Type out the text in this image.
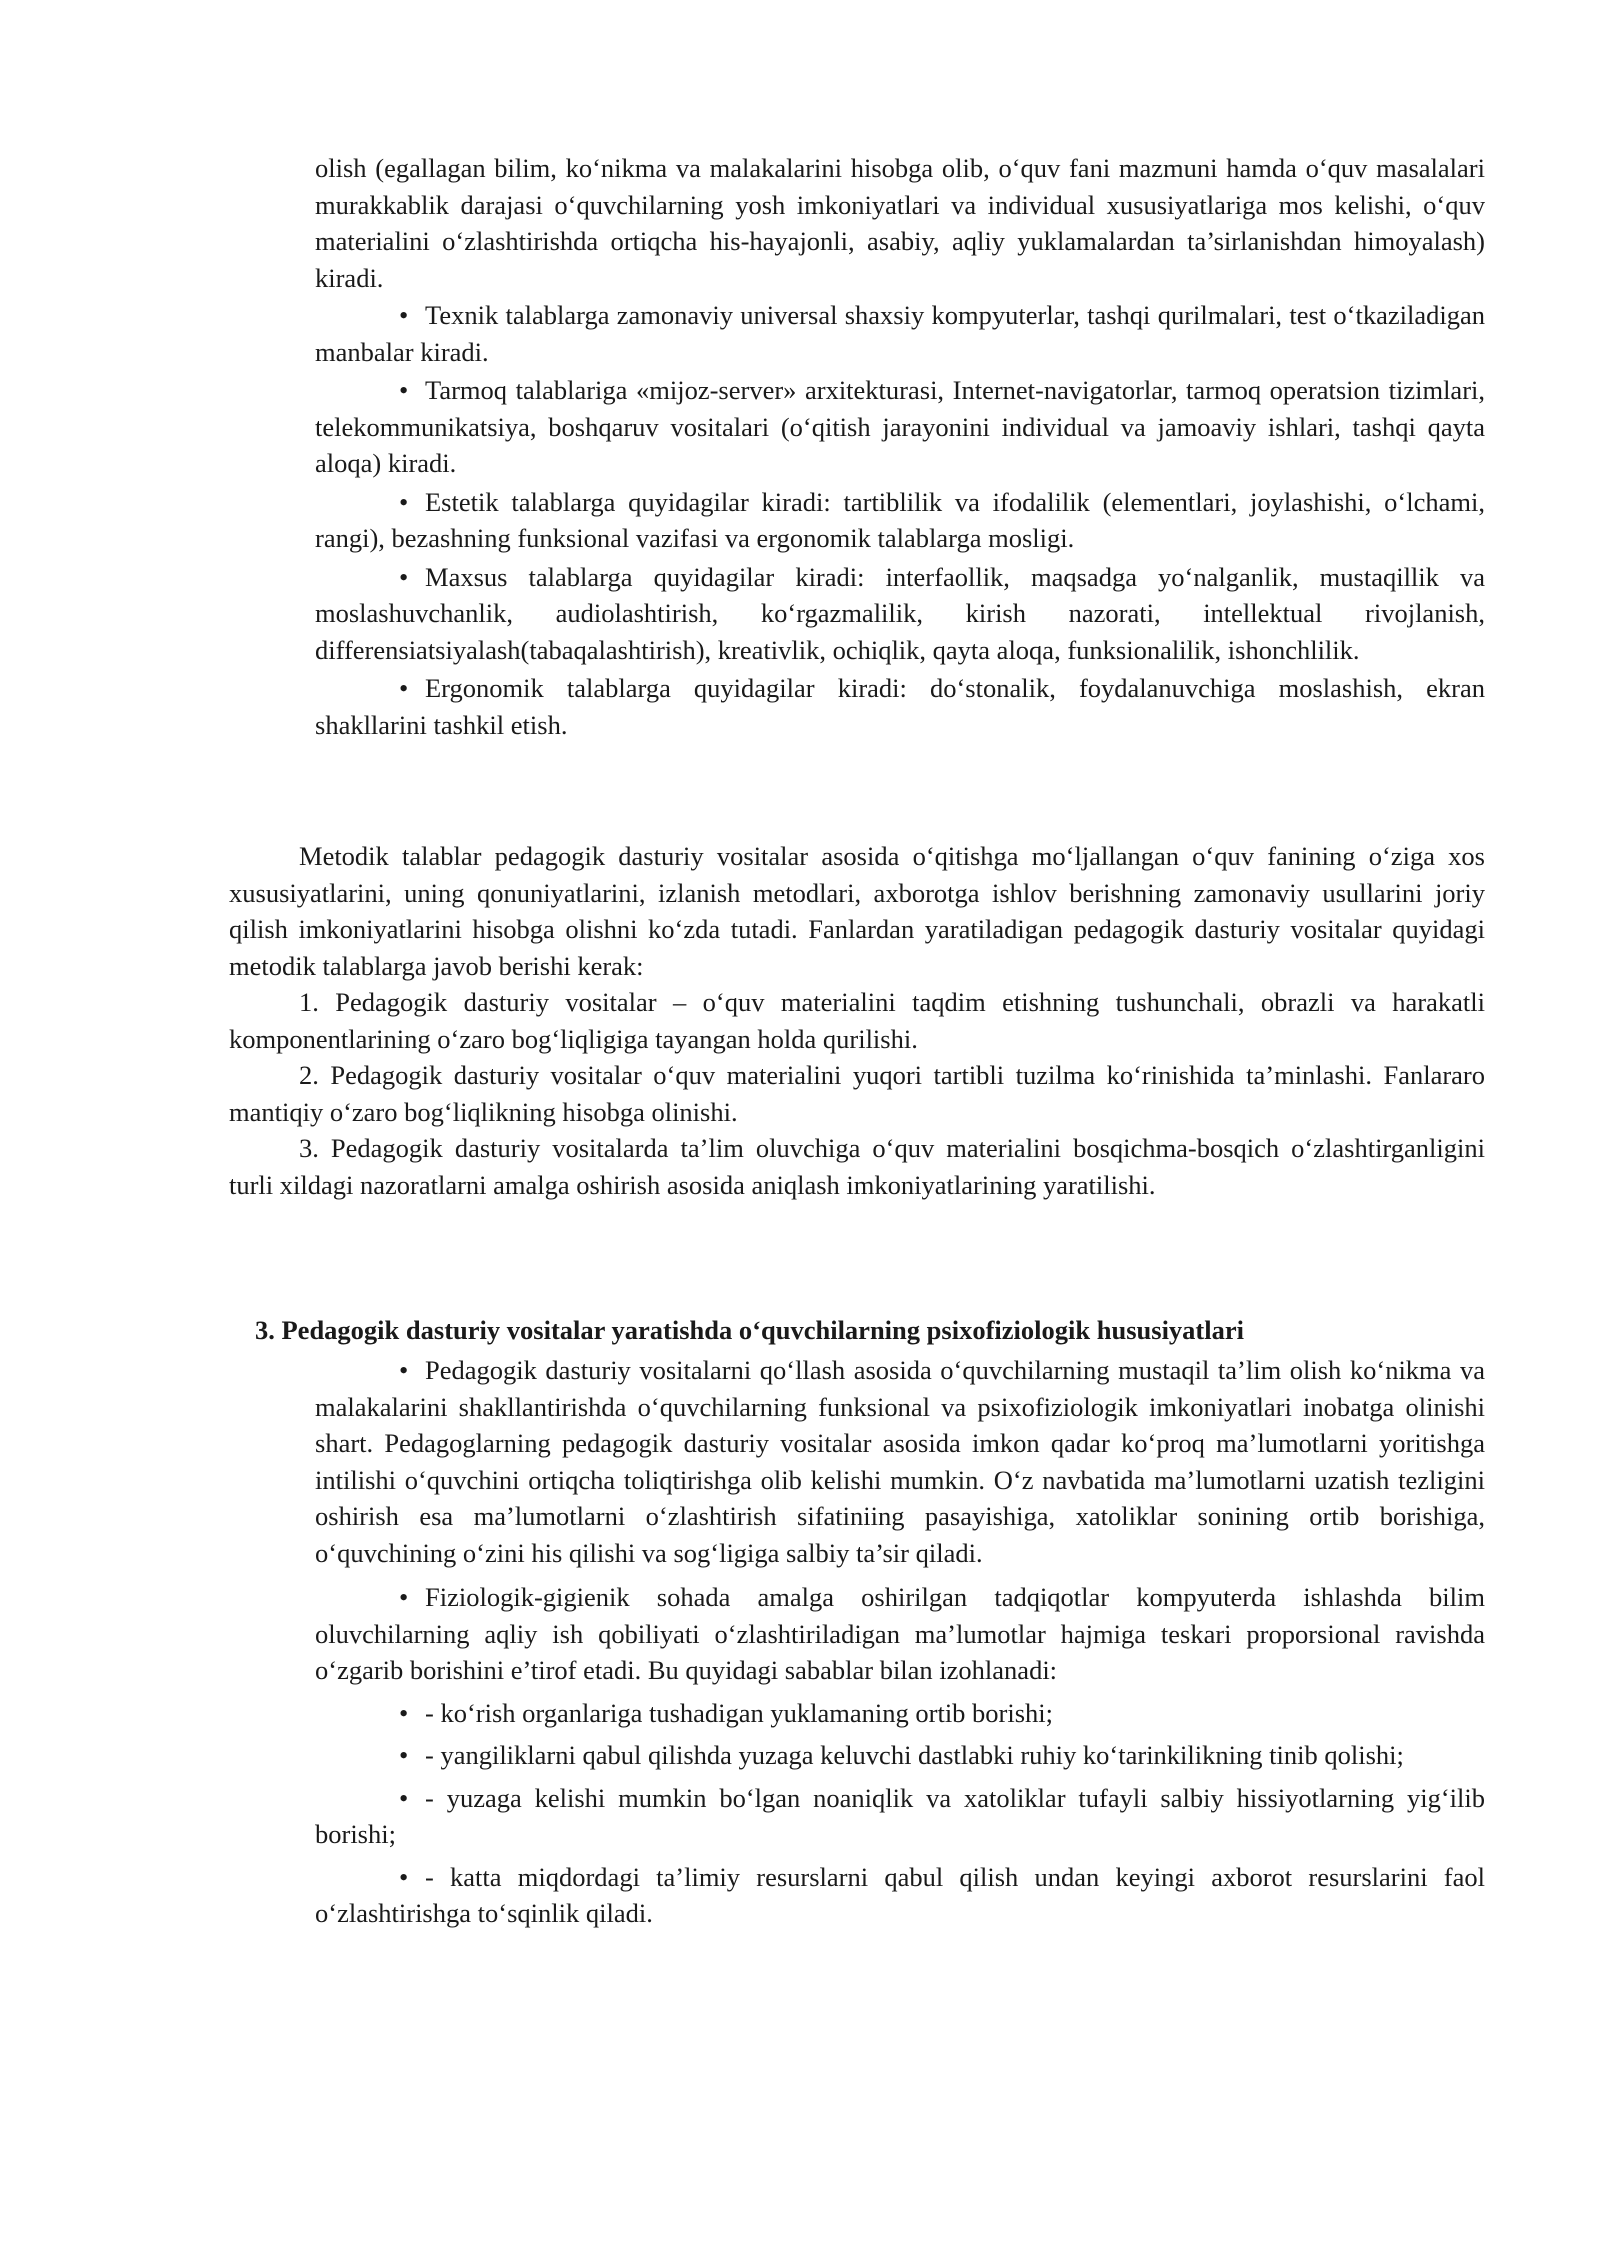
olish (egallagan bilim, ko‘nikma va malakalarini hisobga olib, o‘quv fani mazmuni hamda o‘quv masalalari murakkablik darajasi o‘quvchilarning yosh imkoniyatlari va individual xususiyatlariga mos kelishi, o‘quv materialini o‘zlashtirishda ortiqcha his-hayajonli, asabiy, aqliy yuklamalardan ta’sirlanishdan himoyalash) kiradi.

• Texnik talablarga zamonaviy universal shaxsiy kompyuterlar, tashqi qurilmalari, test o‘tkaziladigan manbalar kiradi.

• Tarmoq talablariga «mijoz-server» arxitekturasi, Internet-navigatorlar, tarmoq operatsion tizimlari, telekommunikatsiya, boshqaruv vositalari (o‘qitish jarayonini individual va jamoaviy ishlari, tashqi qayta aloqa) kiradi.

• Estetik talablarga quyidagilar kiradi: tartiblilik va ifodalilik (elementlari, joylashishi, o‘lchami, rangi), bezashning funksional vazifasi va ergonomik talablarga mosligi.

• Maxsus talablarga quyidagilar kiradi: interfaollik, maqsadga yo‘nalganlik, mustaqillik va moslashuvchanlik, audiolashtirish, ko‘rgazmalilik, kirish nazorati, intellektual rivojlanish, differensiatsiyalash(tabaqalashtirish), kreativlik, ochiqlik, qayta aloqa, funksionalilik, ishonchlilik.

• Ergonomik talablarga quyidagilar kiradi: do‘stonalik, foydalanuvchiga moslashish, ekran shakllarini tashkil etish.

Metodik talablar pedagogik dasturiy vositalar asosida o‘qitishga mo‘ljallangan o‘quv fanining o‘ziga xos xususiyatlarini, uning qonuniyatlarini, izlanish metodlari, axborotga ishlov berishning zamonaviy usullarini joriy qilish imkoniyatlarini hisobga olishni ko‘zda tutadi. Fanlardan yaratiladigan pedagogik dasturiy vositalar quyidagi metodik talablarga javob berishi kerak:

1. Pedagogik dasturiy vositalar – o‘quv materialini taqdim etishning tushunchali, obrazli va harakatli komponentlarining o‘zaro bog‘liqligiga tayangan holda qurilishi.

2. Pedagogik dasturiy vositalar o‘quv materialini yuqori tartibli tuzilma ko‘rinishida ta’minlashi. Fanlararo mantiqiy o‘zaro bog‘liqlikning hisobga olinishi.

3. Pedagogik dasturiy vositalarda ta’lim oluvchiga o‘quv materialini bosqichma-bosqich o‘zlashtirganligini turli xildagi nazoratlarni amalga oshirish asosida aniqlash imkoniyatlarining yaratilishi.

3. Pedagogik dasturiy vositalar yaratishda o‘quvchilarning psixofiziologik hususiyatlari

• Pedagogik dasturiy vositalarni qo‘llash asosida o‘quvchilarning mustaqil ta’lim olish ko‘nikma va malakalarini shakllantirishda o‘quvchilarning funksional va psixofiziologik imkoniyatlari inobatga olinishi shart. Pedagoglarning pedagogik dasturiy vositalar asosida imkon qadar ko‘proq ma’lumotlarni yoritishga intilishi o‘quvchini ortiqcha toliqtirishga olib kelishi mumkin. O‘z navbatida ma’lumotlarni uzatish tezligini oshirish esa ma’lumotlarni o‘zlashtirish sifatiniing pasayishiga, xatoliklar sonining ortib borishiga, o‘quvchining o‘zini his qilishi va sog‘ligiga salbiy ta’sir qiladi.

• Fiziologik-gigienik sohada amalga oshirilgan tadqiqotlar kompyuterda ishlashda bilim oluvchilarning aqliy ish qobiliyati o‘zlashtiriladigan ma’lumotlar hajmiga teskari proporsional ravishda o‘zgarib borishini e’tirof etadi. Bu quyidagi sabablar bilan izohlanadi:

• - ko‘rish organlariga tushadigan yuklamaning ortib borishi;

• - yangiliklarni qabul qilishda yuzaga keluvchi dastlabki ruhiy ko‘tarinkilikning tinib qolishi;

• - yuzaga kelishi mumkin bo‘lgan noaniqlik va xatoliklar tufayli salbiy hissiyotlarning yig‘ilib borishi;

• - katta miqdordagi ta’limiy resurslarni qabul qilish undan keyingi axborot resurslarini faol o‘zlashtirishga to‘sqinlik qiladi.
